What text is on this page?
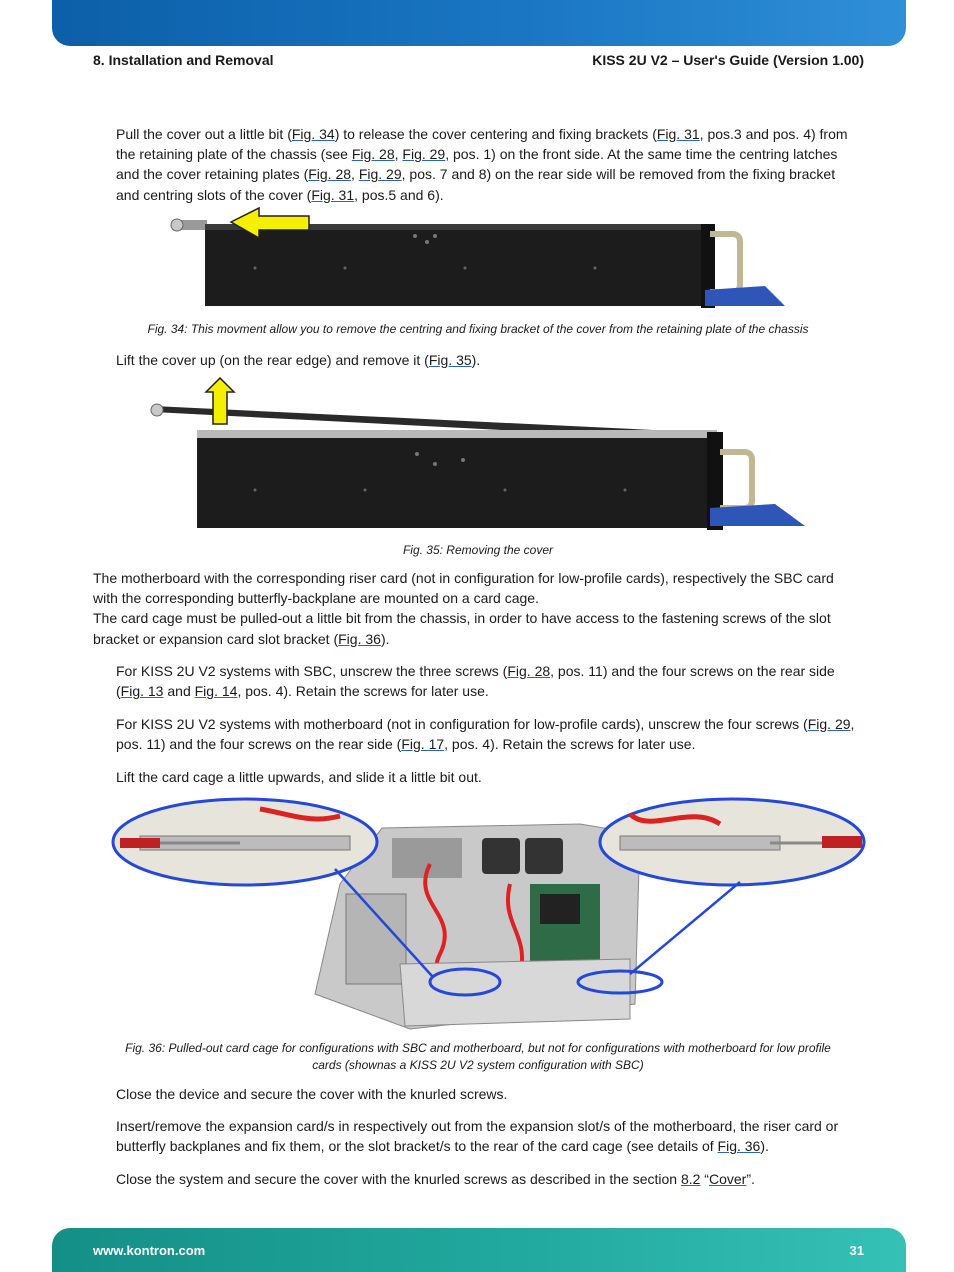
8. Installation and Removal	KISS 2U V2 – User's Guide (Version 1.00)
Pull the cover out a little bit (Fig. 34) to release the cover centering and fixing brackets (Fig. 31, pos.3 and pos. 4) from the retaining plate of the chassis (see Fig. 28, Fig. 29, pos. 1) on the front side. At the same time the centring latches and the cover retaining plates (Fig. 28, Fig. 29, pos. 7 and 8) on the rear side will be removed from the fixing bracket and centring slots of the cover (Fig. 31, pos.5 and 6).
Fig. 34: This movment allow you to remove the centring and fixing bracket of the cover from the retaining plate of the chassis
Lift the cover up (on the rear edge) and remove it (Fig. 35).
Fig. 35: Removing the cover
The motherboard with the corresponding riser card (not in configuration for low-profile cards), respectively the SBC card with the corresponding butterfly-backplane are mounted on a card cage.
The card cage must be pulled-out a little bit from the chassis, in order to have access to the fastening screws of the slot bracket or expansion card slot bracket (Fig. 36).
For KISS 2U V2 systems with SBC, unscrew the three screws (Fig. 28, pos. 11) and the four screws on the rear side (Fig. 13 and Fig. 14, pos. 4). Retain the screws for later use.
For KISS 2U V2 systems with motherboard (not in configuration for low-profile cards), unscrew the four screws (Fig. 29, pos. 11) and the four screws on the rear side (Fig. 17, pos. 4). Retain the screws for later use.
Lift the card cage a little upwards, and slide it a little bit out.
Fig. 36: Pulled-out card cage for configurations with SBC and motherboard, but not for configurations with motherboard for low profile
cards (shownas a KISS 2U V2 system configuration with SBC)
Close the device and secure the cover with the knurled screws.
Insert/remove the expansion card/s in respectively out from the expansion slot/s of the motherboard, the riser card or butterfly backplanes and fix them, or the slot bracket/s to the rear of the card cage (see details of Fig. 36).
Close the system and secure the cover with the knurled screws as described in the section 8.2 “Cover”.
www.kontron.com	31
